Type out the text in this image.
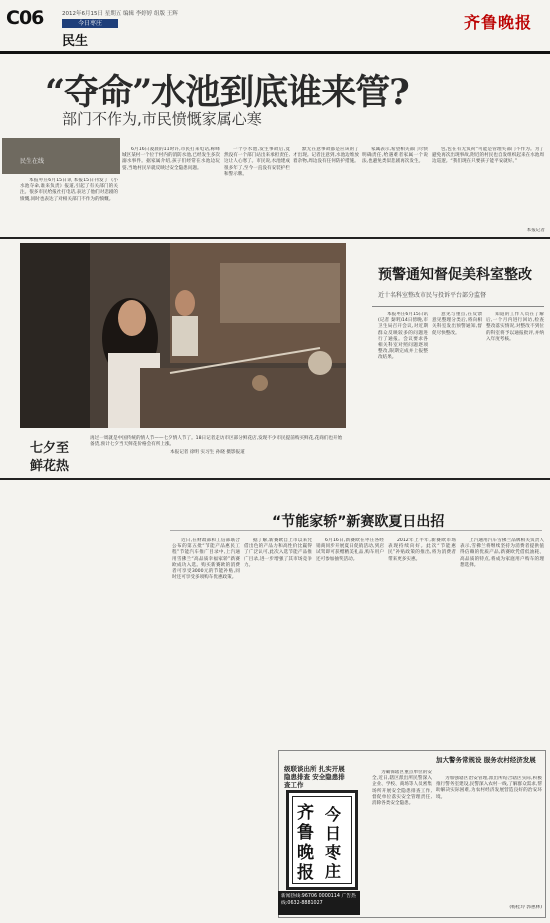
C06	2012年6月15日 星期五 编辑 李婷婷 组版 王辉
今日枣庄
民生
齐鲁晚报
“夺命”水池到底谁来管?
部门不作为,市民愤慨家属心寒
民生在线

本报枣庄6月15日讯 本报15日刊发了《小水池夺命,谁来负责》报道,引起了有关部门的关注。很多市民给报社打电话,表达了他们对悲剧的愤慨,同时也表达了对相关部门不作为的愤慨。

6月16日凌晨的11时许,市民打来电话,称峄城区某村一个位于村内的消防水池,已经发生多次溺水事件。据家属介绍,孩子们经常在水池边玩耍,当地村民早就反映过安全隐患问题。

一个小水池,发生事故后,竟然没有一个部门站出来承担责任,这让人心寒了。市民说,水池建成很多年了,至今一直没有安装护栏和警示牌。

默无在意事故都是应该的了才出现。记者注意到,水池边堆放着杂物,周边没有任何防护措施。

家属表示,希望相关部门尽快明确责任,给遇难者家属一个说法,也避免类似悲剧再次发生。

包,包在有无负荷“可能是管理失部门不作为。为了避免再次出现事故,附近的村民也自发组织起来在水池周边巡逻。“我们现在只要孩子能平安就好。”

本报记者
七夕至 鲜花热
再过一周就是中国传统的情人节——七夕情人节了。18日记者走访市区部分鲜花店,发现不少市民提前购买鲜花,花商们也开始备货,预计七夕当天鲜花价格会有所上涨。
本报记者 徐明 实习生 孙晓 摄影报道
预警通知督促美科室整改
近十名科室整改市民与投诉平台部分监督

本报枣庄6月15日讯(记者 秦明)14日傍晚,市卫生局召开会议,对近期群众反映较多的问题进行了通报。会议要求各相关科室对照问题逐项整改,限期完成并上报整改结果。

意见与重点,在反馈意见整理分类后,将向相关科室发出预警通知,督促尽快整改。

知道的工作人员在了解后,一个月内进行回访,检查整改落实情况,对整改不到位的科室将予以通报批评,并纳入年度考核。

“节能家轿”新赛欧夏日出招

近日,在财政部和工信部联合公布的第五批“节能产品惠民工程”节能汽车推广目录中,上汽通用雪佛兰“高品质幸福家轿”新赛欧成功入选。购买新赛欧的消费者可享受3000元的节能补贴,同时还可享受多项购车优惠政策。

据了解,新赛欧自上市以来凭借出色的产品力和高性价比赢得了广泛认可,此次入选节能产品推广目录,进一步增强了其市场竞争力。

6月16日,新赛欧在枣庄各经销商同步开展夏日促销活动,到店试驾即可获赠精美礼品,购车用户还可参加抽奖活动。

2012年上半年,新赛欧市场表现持续向好。此次“节能惠民”补贴政策的推出,将为消费者带来更多实惠。

上汽通用汽车雪佛兰品牌相关负责人表示,雪佛兰将继续坚持为消费者提供值得信赖的优质产品,新赛欧凭借低油耗、高品质的特点,将成为家庭用户购车的理想选择。

级联谈出所 扎实开展隐患排查 安全隐患排查工作

为确保辖区重点单位的安全,近日,辖区派出所民警深入企业、学校、商场等人员密集场所开展安全隐患排查工作,督促单位落实安全管理责任,消除各类安全隐患。

齐鲁晚报
今日枣庄
新闻热线:96706 0000114 广告热线:0632-8881027
加大警务常规设 服务农村经济发展

为加强辖区治安管理,派出所结合辖区实际,积极推行警务室建设,民警深入农村一线,了解群众需求,帮助解决实际困难,为农村经济发展营造良好的治安环境。

(杨桂玲 郭惠林)
